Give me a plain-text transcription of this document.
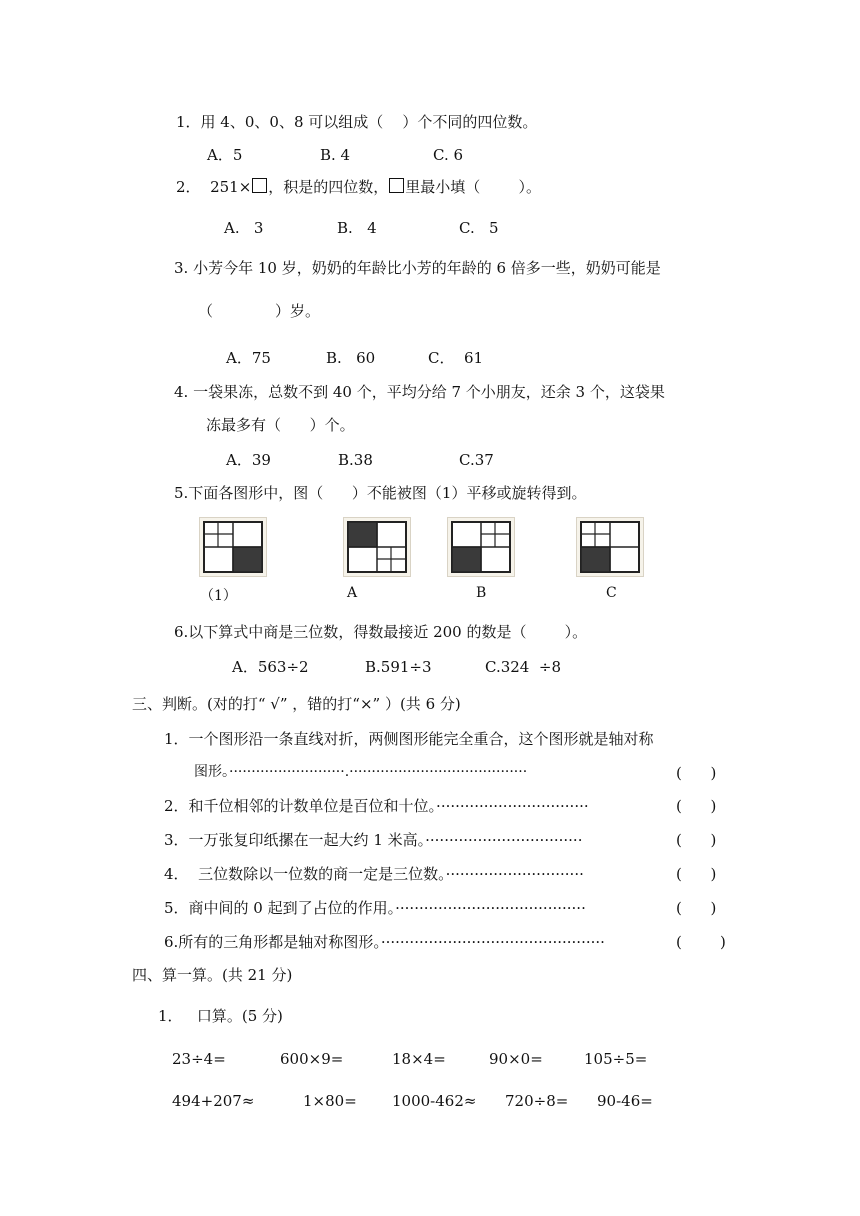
1．用 4、0、0、8 可以组成（    ）个不同的四位数。
A．5	B. 4	C. 6
2．  251× ，积是的四位数， 里最小填（        ）。
A.   3	B.   4	C.   5
3. 小芳今年 10 岁，奶奶的年龄比小芳的年龄的 6 倍多一些，奶奶可能是
（             ）岁。
A．75	B.   60	C．  61
4. 一袋果冻，总数不到 40 个，平均分给 7 个小朋友，还余 3 个，这袋果
冻最多有（      ）个。
A．39	B.38	C.37
5.下面各图形中，图（      ）不能被图（1）平移或旋转得到。
（1）	A	B	C
6.以下算式中商是三位数，得数最接近 200 的数是（        ）。
A．563÷2	B.591÷3	C.324  ÷8
三、判断。(对的打“ √” ，错的打“×” ）(共 6 分)
1．一个图形沿一条直线对折，两侧图形能完全重合，这个图形就是轴对称
图形。··························.········································	(      )
2．和千位相邻的计数单位是百位和十位。································	(      )
3．一万张复印纸摞在一起大约 1 米高。·································	(      )
4．  三位数除以一位数的商一定是三位数。·····························	(      )
5．商中间的 0 起到了占位的作用。········································	(      )
6.所有的三角形都是轴对称图形。···············································	(        )
四、算一算。(共 21 分)
1．   口算。(5 分)
23÷4=	600×9=	18×4=	90×0=	105÷5=
494+207≈	1×80= 1000-462≈ 720÷8= 90-46=
